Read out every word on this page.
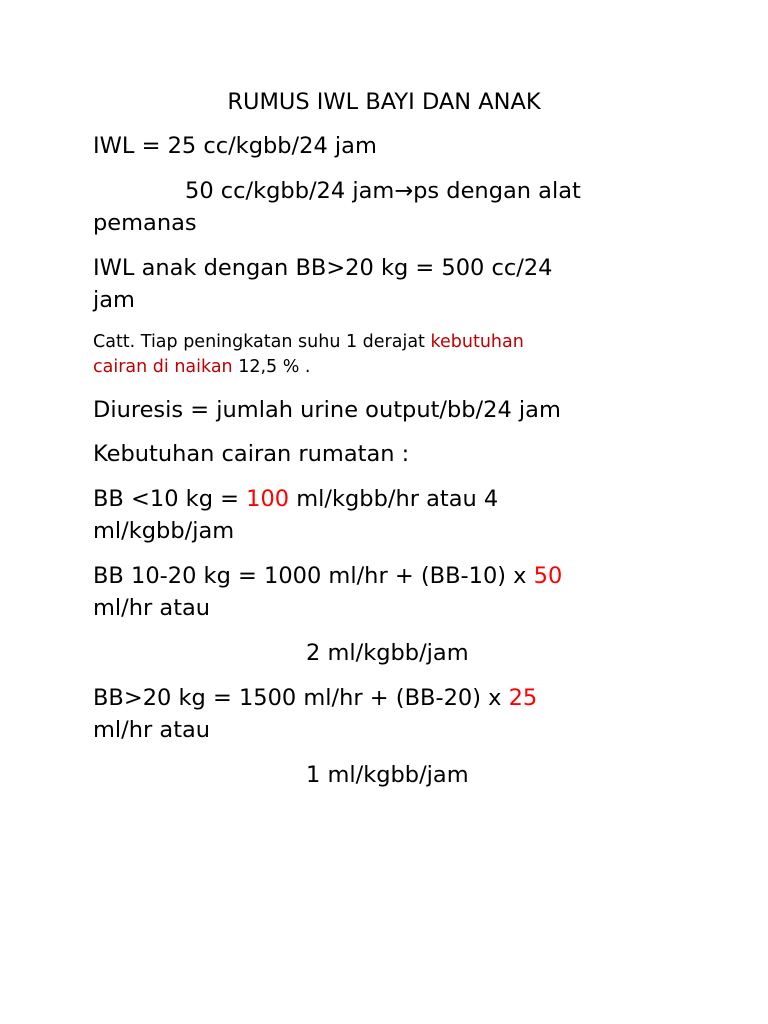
RUMUS IWL BAYI DAN ANAK
IWL = 25 cc/kgbb/24 jam
50 cc/kgbb/24 jam→ps dengan alat
pemanas
IWL anak dengan BB>20 kg = 500 cc/24
jam
Catt. Tiap peningkatan suhu 1 derajat kebutuhan
cairan di naikan 12,5 % .
Diuresis = jumlah urine output/bb/24 jam
Kebutuhan cairan rumatan :
BB <10 kg = 100 ml/kgbb/hr atau 4
ml/kgbb/jam
BB 10-20 kg = 1000 ml/hr + (BB-10) x 50
ml/hr atau
2 ml/kgbb/jam
BB>20 kg = 1500 ml/hr + (BB-20) x 25
ml/hr atau
1 ml/kgbb/jam
